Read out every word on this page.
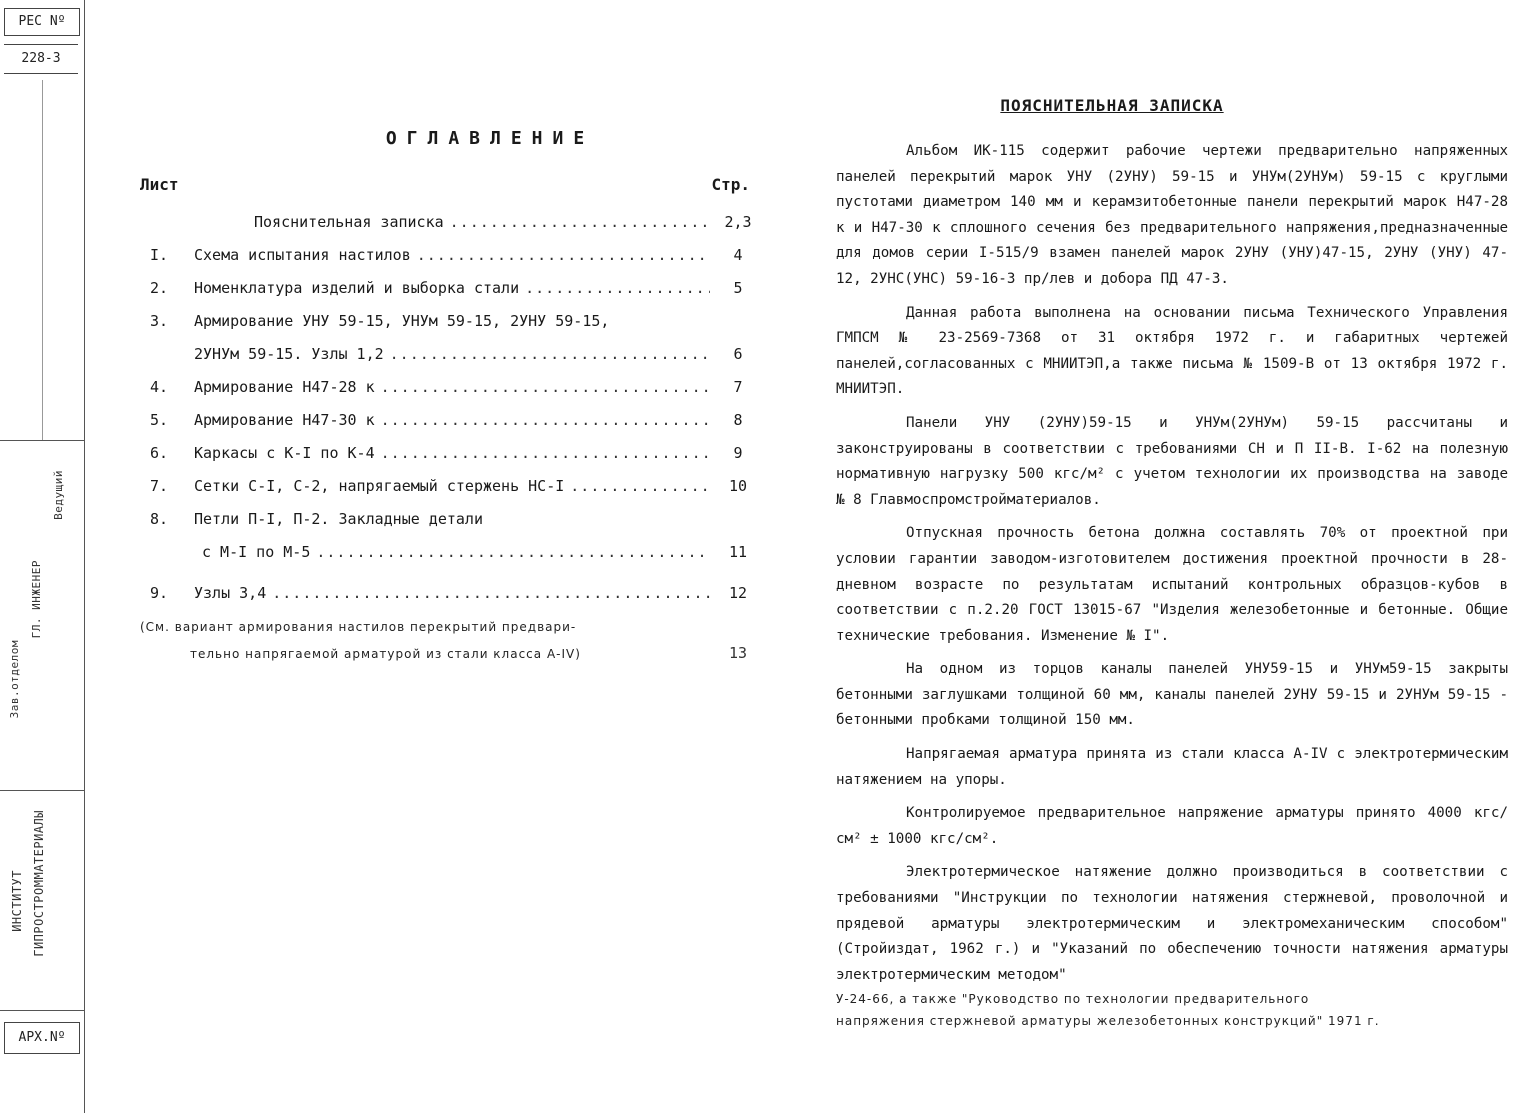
РЕС Nº
228-3
Зав.отделом
ГЛ. ИНЖЕНЕР
Ведущий
ИНСТИТУТ ГИПРОСТРОММАТЕРИАЛЫ
АРХ.Nº
ОГЛАВЛЕНИЕ
Лист	Стр.
Пояснительная записка .....	2,3
I.	Схема испытания настилов .....	4
2.	Номенклатура изделий и выборка стали .....	5
3.	Армирование УНУ 59-15, УНУм 59-15, 2УНУ 59-15,
2УНУм 59-15. Узлы 1,2 .....	6
4.	Армирование Н47-28 к .....	7
5.	Армирование Н47-30 к .....	8
6.	Каркасы с К-I по К-4 .....	9
7.	Сетки С-I, С-2, напрягаемый стержень НС-I .....	10
8.	Петли П-I, П-2. Закладные детали
с М-I по М-5 .....	11
9.	Узлы 3,4 .....	12
(См. вариант армирования настилов перекрытий предвари-
тельно напрягаемой арматурой из стали класса А-IV)	13
ПОЯСНИТЕЛЬНАЯ ЗАПИСКА

Альбом ИК-115 содержит рабочие чертежи предварительно напряженных панелей перекрытий марок УНУ (2УНУ) 59-15 и УНУм(2УНУм) 59-15 с круглыми пустотами диаметром 140 мм и керамзитобетонные панели перекрытий марок Н47-28 к и Н47-30 к сплошного сечения без предварительного напряжения,предназначенные для домов серии I-515/9 взамен панелей марок 2УНУ (УНУ)47-15, 2УНУ (УНУ) 47-12, 2УНС(УНС) 59-16-3 пр/лев и добора ПД 47-3.

Данная работа выполнена на основании письма Технического Управления ГМПСМ № 23-2569-7368 от 31 октября 1972 г. и габаритных чертежей панелей,согласованных с МНИИТЭП,а также письма № 1509-В от 13 октября 1972 г. МНИИТЭП.

Панели УНУ (2УНУ)59-15 и УНУм(2УНУм) 59-15 рассчитаны и законструированы в соответствии с требованиями СН и П II-В. I-62 на полезную нормативную нагрузку 500 кгс/м² с учетом технологии их производства на заводе № 8 Главмоспромстройматериалов.

Отпускная прочность бетона должна составлять 70% от проектной при условии гарантии заводом-изготовителем достижения проектной прочности в 28-дневном возрасте по результатам испытаний контрольных образцов-кубов в соответствии с п.2.20 ГОСТ 13015-67 "Изделия железобетонные и бетонные. Общие технические требования. Изменение № I".

На одном из торцов каналы панелей УНУ59-15 и УНУм59-15 закрыты бетонными заглушками толщиной 60 мм, каналы панелей 2УНУ 59-15 и 2УНУм 59-15 - бетонными пробками толщиной 150 мм.

Напрягаемая арматура принята из стали класса А-IV с электротермическим натяжением на упоры.

Контролируемое предварительное напряжение арматуры принято 4000 кгс/см² ± 1000 кгс/см².

Электротермическое натяжение должно производиться в соответствии с требованиями "Инструкции по технологии натяжения стержневой, проволочной и прядевой арматуры электротермическим и электромеханическим способом" (Стройиздат, 1962 г.) и "Указаний по обеспечению точности натяжения арматуры электротермическим методом"

У-24-66, а также "Руководство по технологии предварительного
напряжения стержневой арматуры железобетонных конструкций" 1971 г.
